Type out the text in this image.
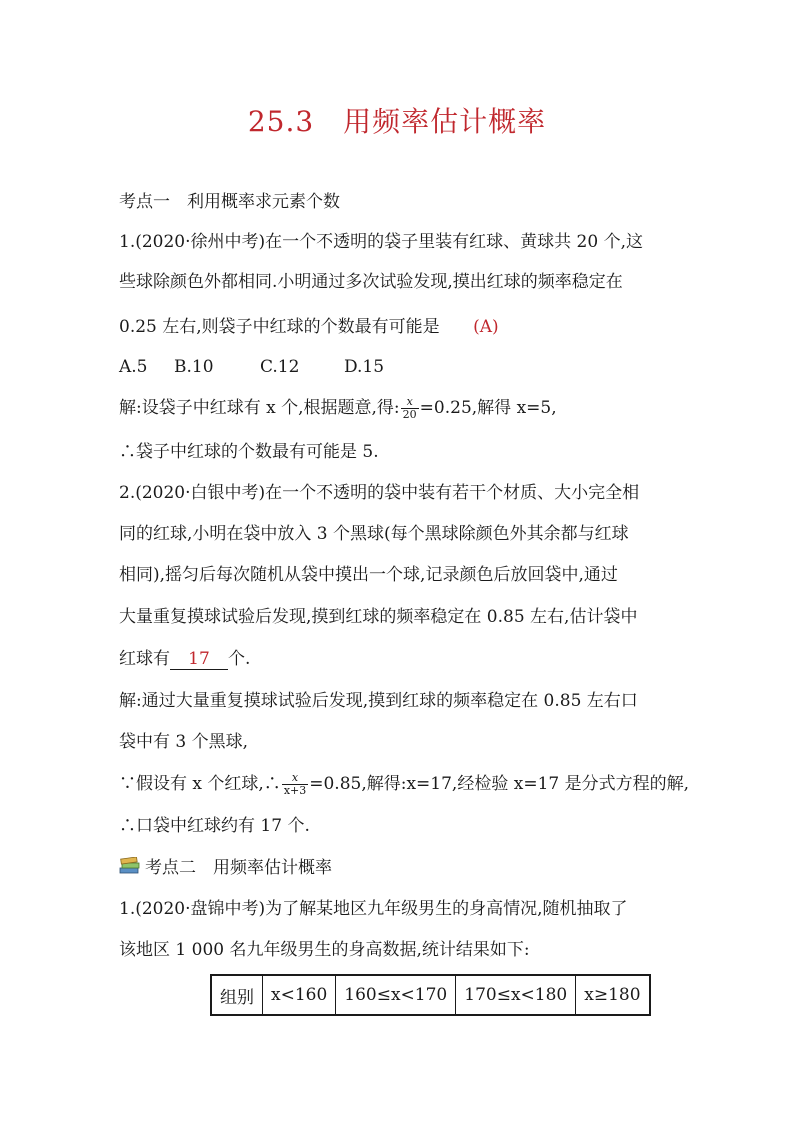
25.3　用频率估计概率
考点一　利用概率求元素个数
1.(2020·徐州中考)在一个不透明的袋子里装有红球、黄球共 20 个,这
些球除颜色外都相同.小明通过多次试验发现,摸出红球的频率稳定在
0.25 左右,则袋子中红球的个数最有可能是 (A)
A.5 B.10	C.12	D.15
解:设袋子中红球有 x 个,根据题意,得: $\frac{x}{20} =0.25$,解得 x=5,
∴袋子中红球的个数最有可能是 5.
2.(2020·白银中考)在一个不透明的袋中装有若干个材质、大小完全相
同的红球,小明在袋中放入 3 个黑球(每个黑球除颜色外其余都与红球
相同),摇匀后每次随机从袋中摸出一个球,记录颜色后放回袋中,通过
大量重复摸球试验后发现,摸到红球的频率稳定在 0.85 左右,估计袋中
红球有 17 个.
解:通过大量重复摸球试验后发现,摸到红球的频率稳定在 0.85 左右口
袋中有 3 个黑球,
∵假设有 x 个红球,∴ $\frac{x}{x+3} =0.85$,解得:x=17,经检验 x=17 是分式方程的解,
∴口袋中红球约有 17 个.
考点二　用频率估计概率
1.(2020·盘锦中考)为了解某地区九年级男生的身高情况,随机抽取了
该地区 1 000 名九年级男生的身高数据,统计结果如下:
组别	x<160	160≤x<170	170≤x<180	x≥180
